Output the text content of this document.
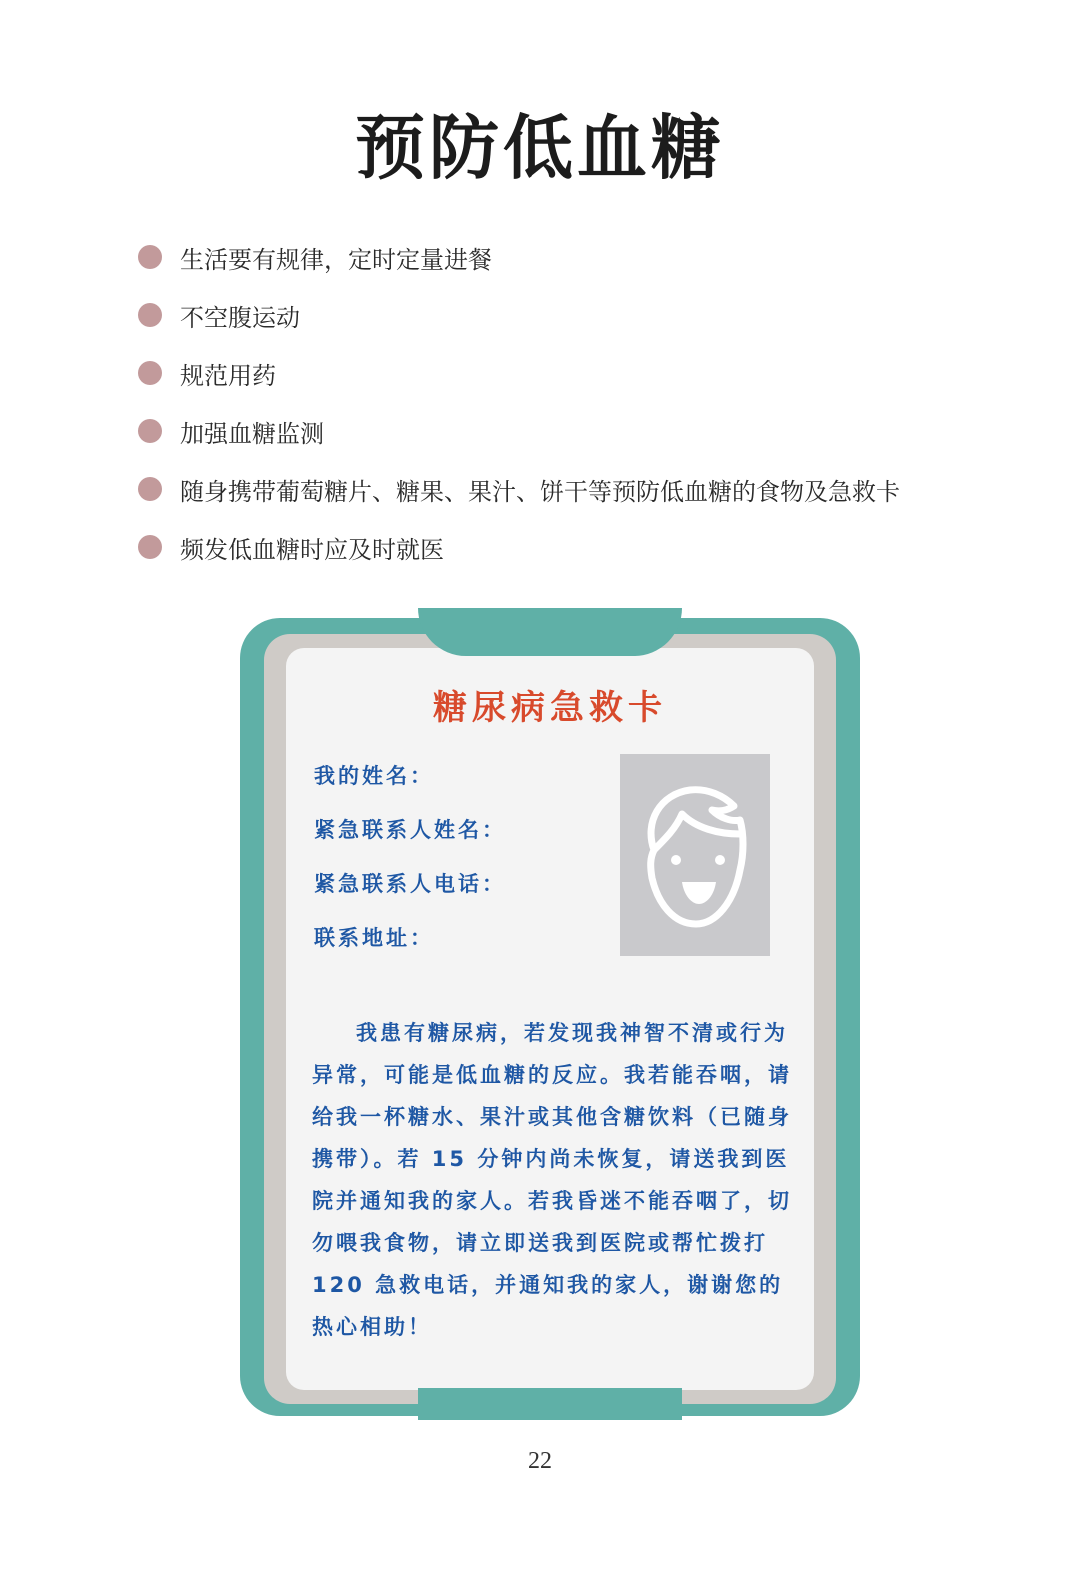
预防低血糖
生活要有规律，定时定量进餐
不空腹运动
规范用药
加强血糖监测
随身携带葡萄糖片、糖果、果汁、饼干等预防低血糖的食物及急救卡
频发低血糖时应及时就医
糖尿病急救卡
我的姓名：
紧急联系人姓名：
紧急联系人电话：
联系地址：

我患有糖尿病，若发现我神智不清或行为异常，可能是低血糖的反应。我若能吞咽，请给我一杯糖水、果汁或其他含糖饮料（已随身携带）。若 15 分钟内尚未恢复，请送我到医院并通知我的家人。若我昏迷不能吞咽了，切勿喂我食物，请立即送我到医院或帮忙拨打 120 急救电话，并通知我的家人，谢谢您的热心相助！

22
